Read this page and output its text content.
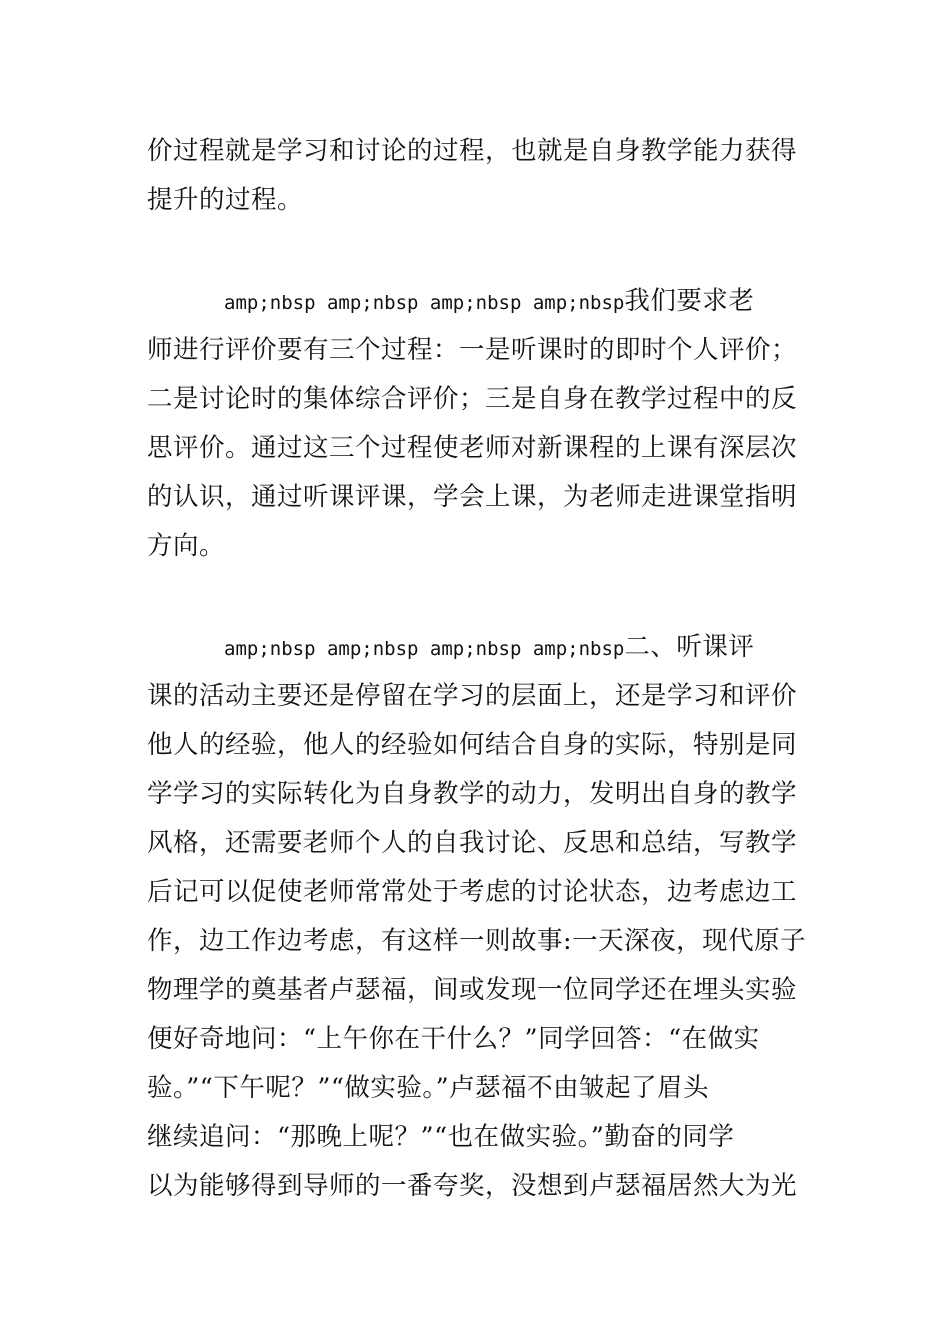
价过程就是学习和讨论的过程，也就是自身教学能力获得
提升的过程。
amp;nbsp amp;nbsp amp;nbsp amp;nbsp我们要求老
师进行评价要有三个过程：一是听课时的即时个人评价；
二是讨论时的集体综合评价；三是自身在教学过程中的反
思评价。通过这三个过程使老师对新课程的上课有深层次
的认识，通过听课评课，学会上课，为老师走进课堂指明
方向。
amp;nbsp amp;nbsp amp;nbsp amp;nbsp二、听课评
课的活动主要还是停留在学习的层面上，还是学习和评价
他人的经验，他人的经验如何结合自身的实际，特别是同
学学习的实际转化为自身教学的动力，发明出自身的教学
风格，还需要老师个人的自我讨论、反思和总结，写教学
后记可以促使老师常常处于考虑的讨论状态，边考虑边工
作，边工作边考虑，有这样一则故事:一天深夜，现代原子
物理学的奠基者卢瑟福，间或发现一位同学还在埋头实验
便好奇地问：“上午你在干什么？”同学回答：“在做实
验。”“下午呢？”“做实验。”卢瑟福不由皱起了眉头
继续追问：“那晚上呢？”“也在做实验。”勤奋的同学
以为能够得到导师的一番夸奖，没想到卢瑟福居然大为光
